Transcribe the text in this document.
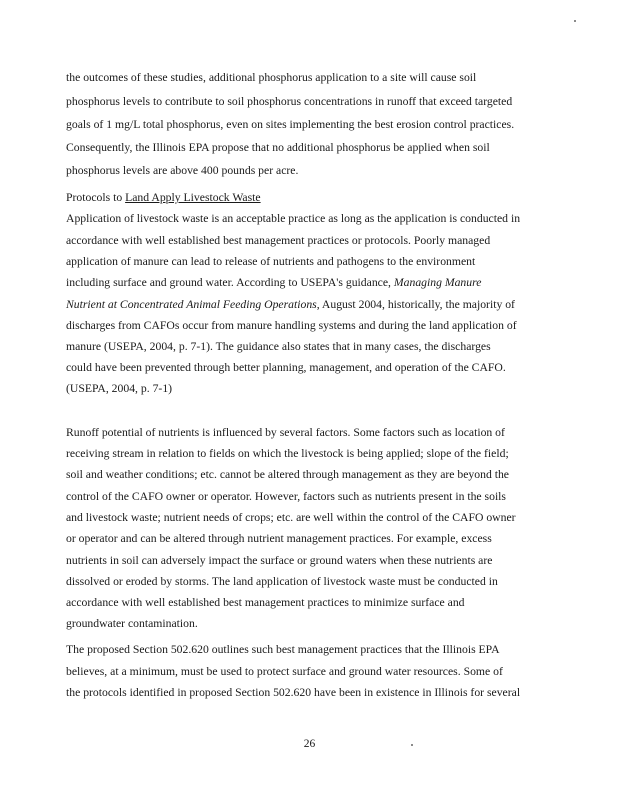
the outcomes of these studies, additional phosphorus application to a site will cause soil
phosphorus levels to contribute to soil phosphorus concentrations in runoff that exceed targeted
goals of 1 mg/L total phosphorus, even on sites implementing the best erosion control practices.
Consequently, the Illinois EPA propose that no additional phosphorus be applied when soil
phosphorus levels are above 400 pounds per acre.
Protocols to Land Apply Livestock Waste
Application of livestock waste is an acceptable practice as long as the application is conducted in
accordance with well established best management practices or protocols. Poorly managed
application of manure can lead to release of nutrients and pathogens to the environment
including surface and ground water. According to USEPA's guidance, Managing Manure
Nutrient at Concentrated Animal Feeding Operations, August 2004, historically, the majority of
discharges from CAFOs occur from manure handling systems and during the land application of
manure (USEPA, 2004, p. 7-1). The guidance also states that in many cases, the discharges
could have been prevented through better planning, management, and operation of the CAFO.
(USEPA, 2004, p. 7-1)
Runoff potential of nutrients is influenced by several factors. Some factors such as location of
receiving stream in relation to fields on which the livestock is being applied; slope of the field;
soil and weather conditions; etc. cannot be altered through management as they are beyond the
control of the CAFO owner or operator. However, factors such as nutrients present in the soils
and livestock waste; nutrient needs of crops; etc. are well within the control of the CAFO owner
or operator and can be altered through nutrient management practices. For example, excess
nutrients in soil can adversely impact the surface or ground waters when these nutrients are
dissolved or eroded by storms. The land application of livestock waste must be conducted in
accordance with well established best management practices to minimize surface and
groundwater contamination.
The proposed Section 502.620 outlines such best management practices that the Illinois EPA
believes, at a minimum, must be used to protect surface and ground water resources. Some of
the protocols identified in proposed Section 502.620 have been in existence in Illinois for several
26
